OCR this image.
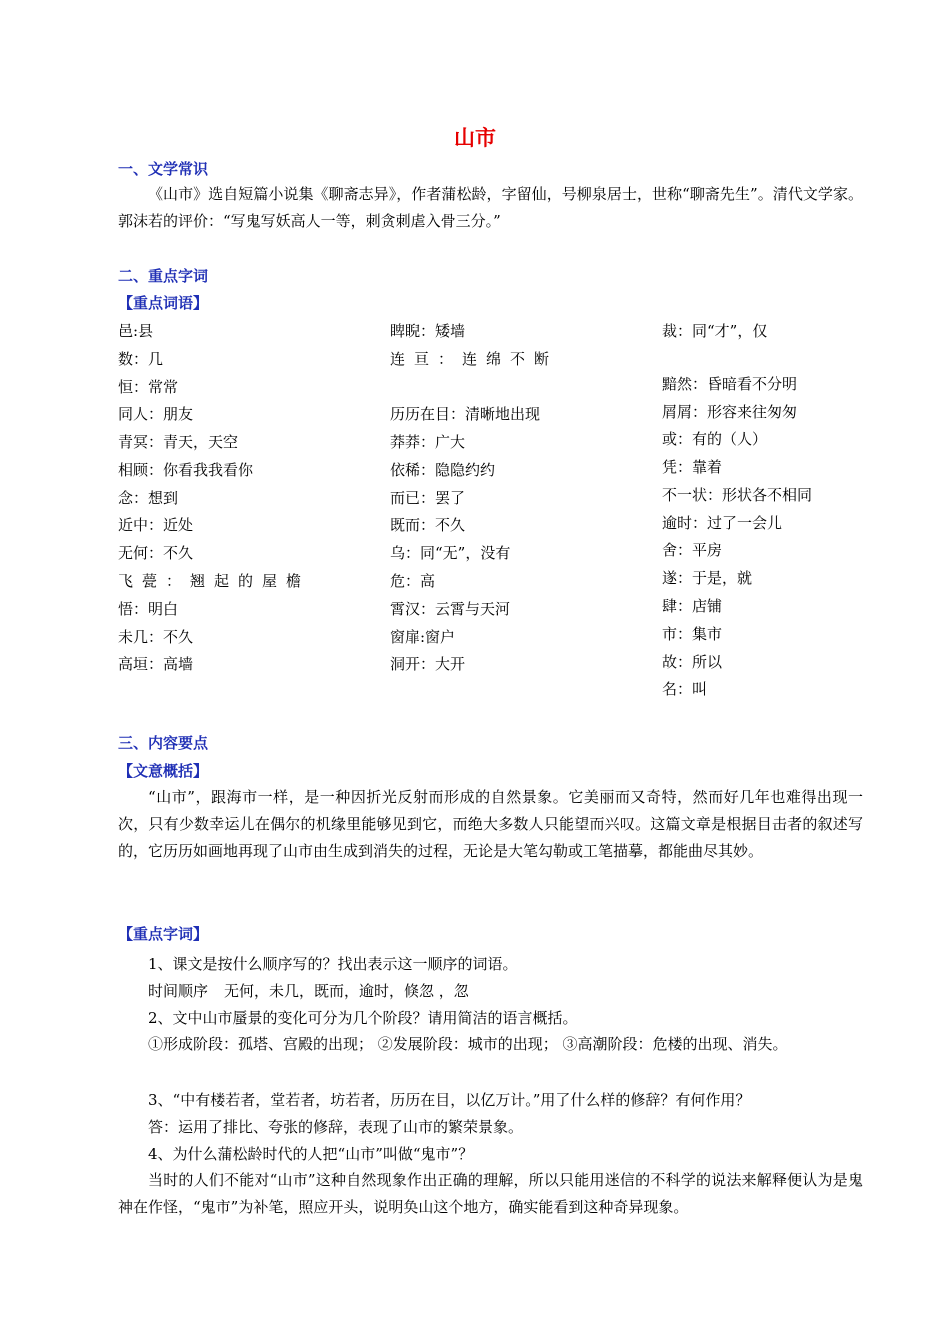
山市
一、文学常识
《山市》选自短篇小说集《聊斋志异》，作者蒲松龄，字留仙，号柳泉居士，世称“聊斋先生”。清代文学家。郭沫若的评价：“写鬼写妖高人一等，刺贪刺虐入骨三分。”
二、重点字词
【重点词语】
邑:县
数：几
恒：常常
同人：朋友
青冥：青天，天空
相顾：你看我我看你
念：想到
近中：近处
无何：不久
飞甍：翘起的屋檐
悟：明白
未几：不久
高垣：高墙
睥睨：矮墙
连亘：连绵不断
历历在目：清晰地出现
莽莽：广大
依稀：隐隐约约
而已：罢了
既而：不久
乌：同“无”，没有
危：高
霄汉：云霄与天河
窗扉:窗户
洞开：大开
裁：同“才”，仅
黯然：昏暗看不分明
屑屑：形容来往匆匆
或：有的（人）
凭：靠着
不一状：形状各不相同
逾时：过了一会儿
舍：平房
遂：于是，就
肆：店铺
市：集市
故：所以
名：叫
三、内容要点
【文意概括】
“山市”，跟海市一样，是一种因折光反射而形成的自然景象。它美丽而又奇特，然而好几年也难得出现一次，只有少数幸运儿在偶尔的机缘里能够见到它，而绝大多数人只能望而兴叹。这篇文章是根据目击者的叙述写的，它历历如画地再现了山市由生成到消失的过程，无论是大笔勾勒或工笔描摹，都能曲尽其妙。
【重点字词】
1、课文是按什么顺序写的？找出表示这一顺序的词语。
时间顺序 无何，未几，既而，逾时，倏忽 ，忽
2、文中山市蜃景的变化可分为几个阶段？请用简洁的语言概括。
①形成阶段：孤塔、宫殿的出现； ②发展阶段：城市的出现； ③高潮阶段：危楼的出现、消失。
3、“中有楼若者，堂若者，坊若者，历历在目，以亿万计。”用了什么样的修辞？有何作用？
答：运用了排比、夸张的修辞，表现了山市的繁荣景象。
4、为什么蒲松龄时代的人把“山市”叫做“鬼市”？
当时的人们不能对“山市”这种自然现象作出正确的理解，所以只能用迷信的不科学的说法来解释便认为是鬼神在作怪，“鬼市”为补笔，照应开头，说明奂山这个地方，确实能看到这种奇异现象。
